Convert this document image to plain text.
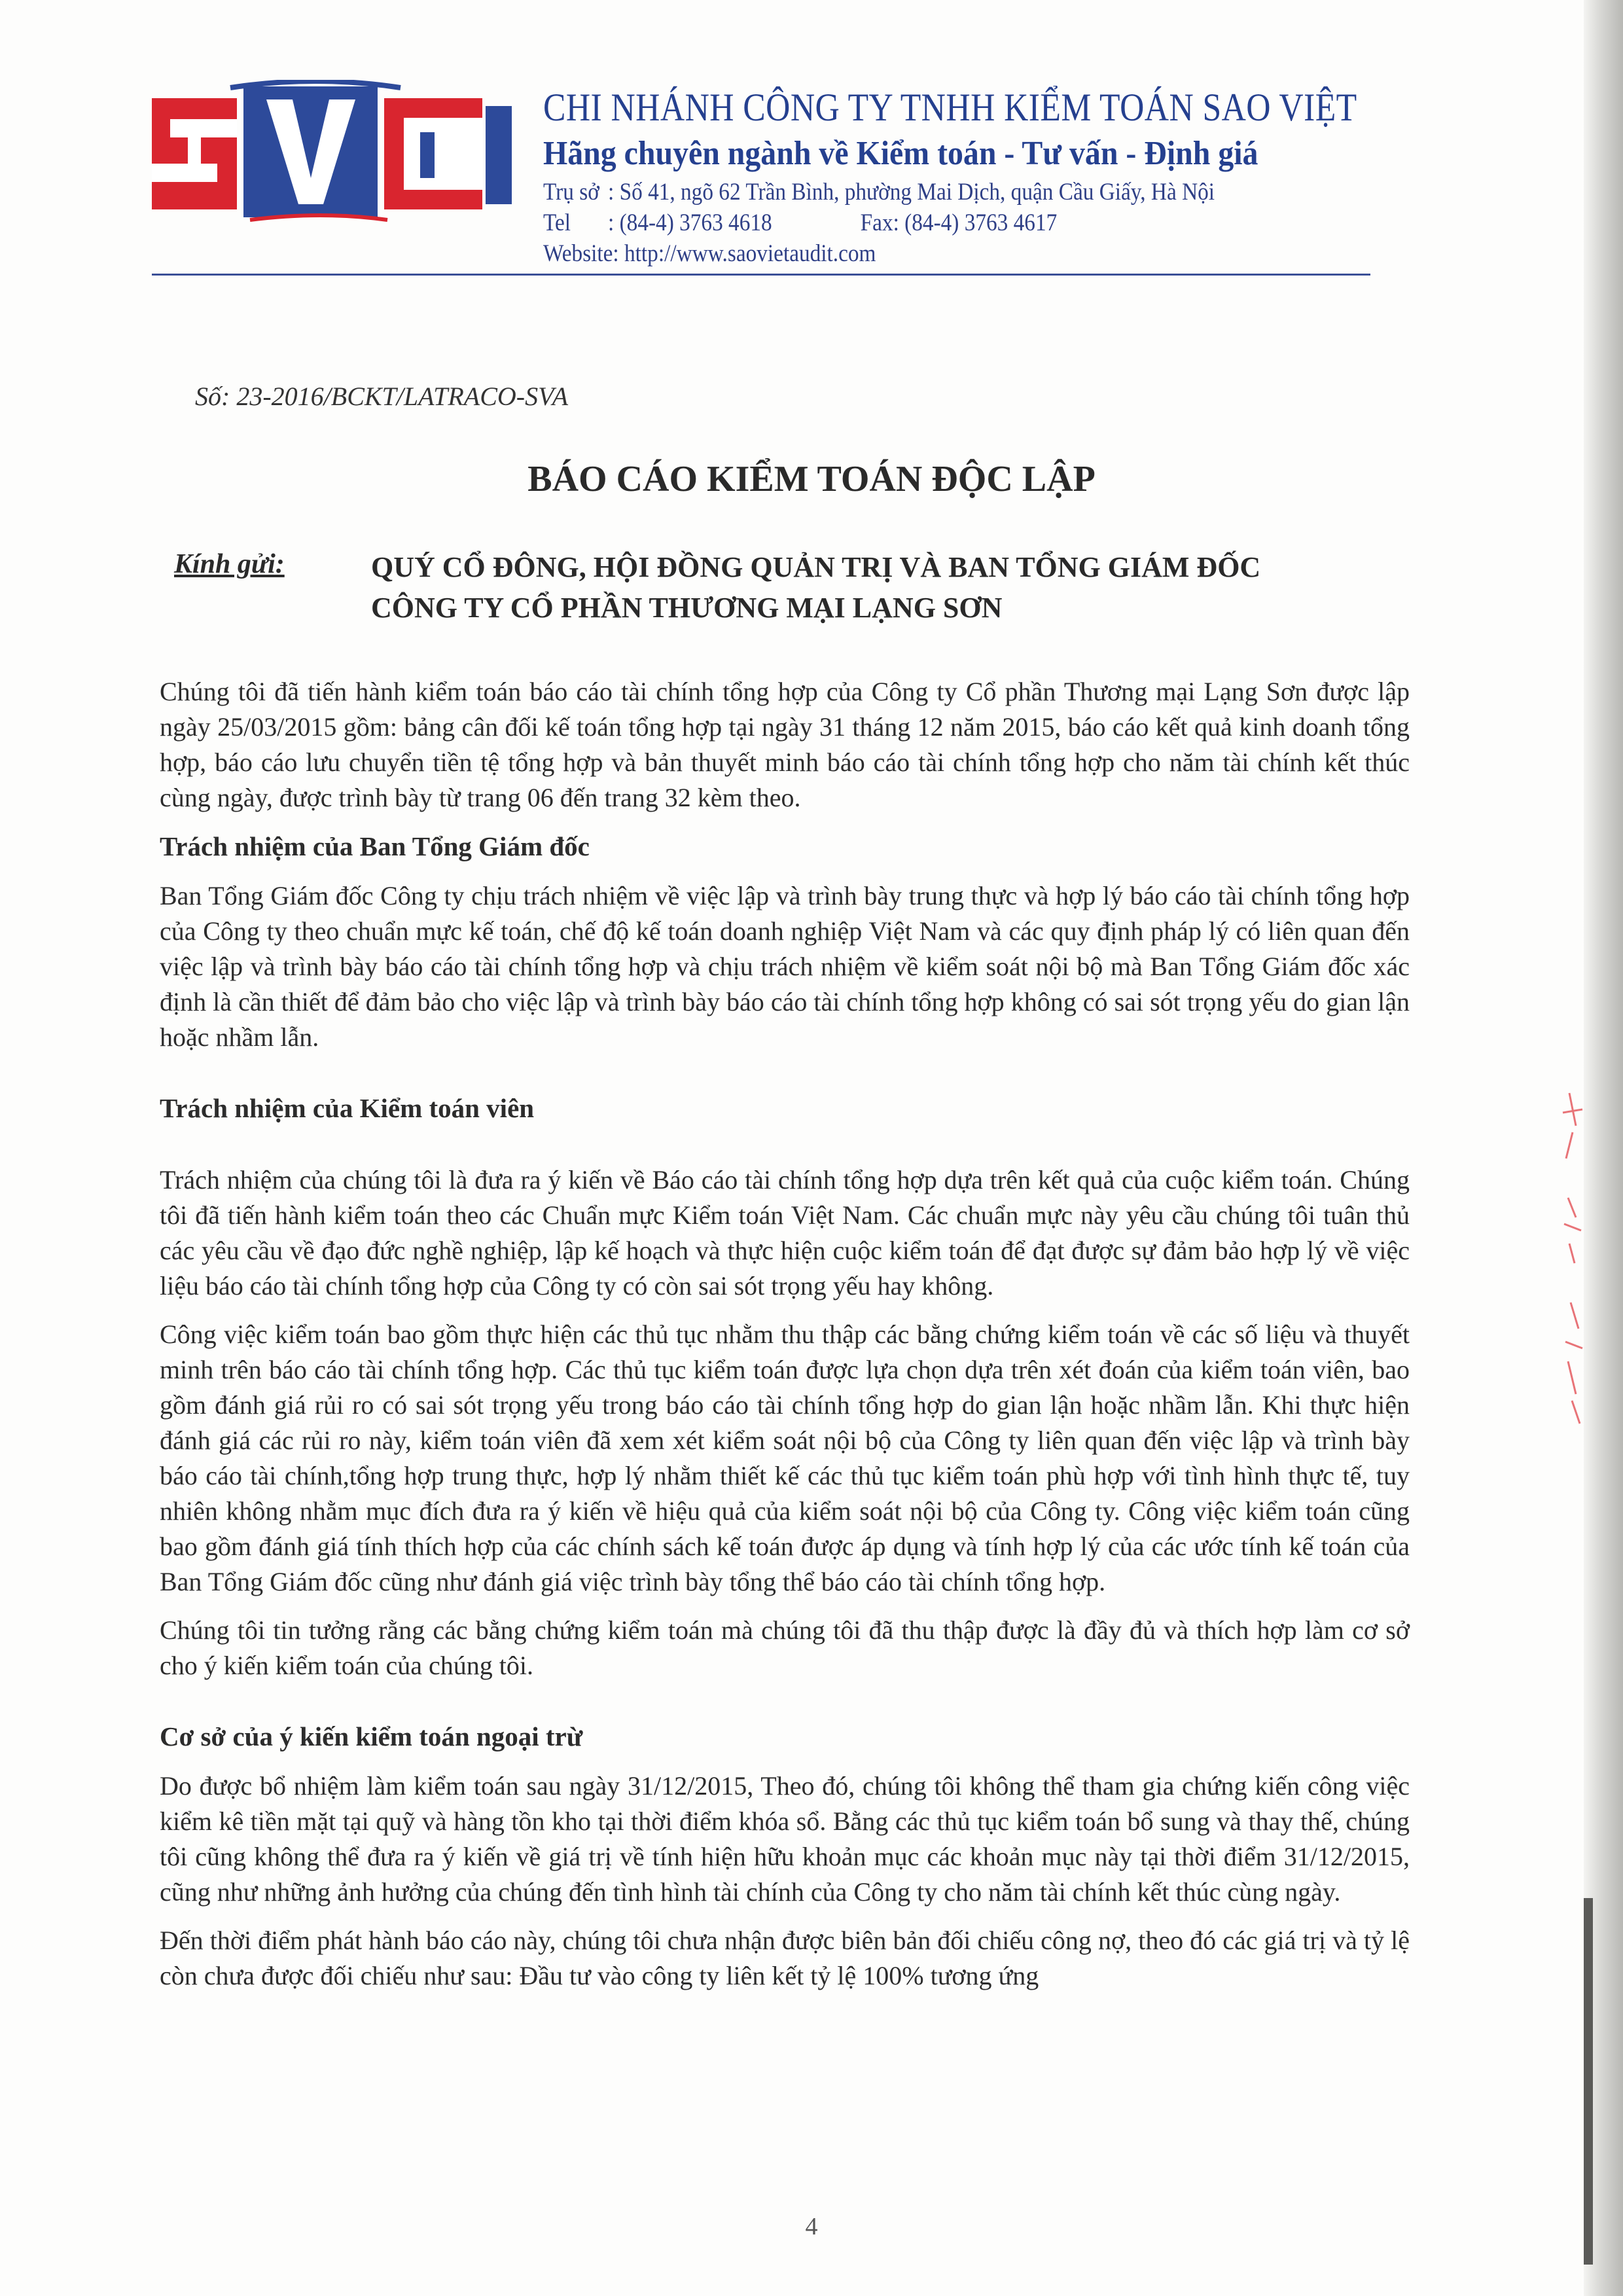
CHI NHÁNH CÔNG TY TNHH KIỂM TOÁN SAO VIỆT
Hãng chuyên ngành về Kiểm toán - Tư vấn - Định giá
Trụ sở : Số 41, ngõ 62 Trần Bình, phường Mai Dịch, quận Cầu Giấy, Hà Nội
Tel : (84-4) 3763 4618	Fax: (84-4) 3763 4617
Website: http://www.saovietaudit.com
Số: 23-2016/BCKT/LATRACO-SVA
BÁO CÁO KIỂM TOÁN ĐỘC LẬP
Kính gửi:	QUÝ CỔ ĐÔNG, HỘI ĐỒNG QUẢN TRỊ VÀ BAN TỔNG GIÁM ĐỐC
CÔNG TY CỔ PHẦN THƯƠNG MẠI LẠNG SƠN

Chúng tôi đã tiến hành kiểm toán báo cáo tài chính tổng hợp của Công ty Cổ phần Thương mại Lạng Sơn được lập ngày 25/03/2015 gồm: bảng cân đối kế toán tổng hợp tại ngày 31 tháng 12 năm 2015, báo cáo kết quả kinh doanh tổng hợp, báo cáo lưu chuyển tiền tệ tổng hợp và bản thuyết minh báo cáo tài chính tổng hợp cho năm tài chính kết thúc cùng ngày, được trình bày từ trang 06 đến trang 32 kèm theo.

Trách nhiệm của Ban Tổng Giám đốc

Ban Tổng Giám đốc Công ty chịu trách nhiệm về việc lập và trình bày trung thực và hợp lý báo cáo tài chính tổng hợp của Công ty theo chuẩn mực kế toán, chế độ kế toán doanh nghiệp Việt Nam và các quy định pháp lý có liên quan đến việc lập và trình bày báo cáo tài chính tổng hợp và chịu trách nhiệm về kiểm soát nội bộ mà Ban Tổng Giám đốc xác định là cần thiết để đảm bảo cho việc lập và trình bày báo cáo tài chính tổng hợp không có sai sót trọng yếu do gian lận hoặc nhầm lẫn.

Trách nhiệm của Kiểm toán viên

Trách nhiệm của chúng tôi là đưa ra ý kiến về Báo cáo tài chính tổng hợp dựa trên kết quả của cuộc kiểm toán. Chúng tôi đã tiến hành kiểm toán theo các Chuẩn mực Kiểm toán Việt Nam. Các chuẩn mực này yêu cầu chúng tôi tuân thủ các yêu cầu về đạo đức nghề nghiệp, lập kế hoạch và thực hiện cuộc kiểm toán để đạt được sự đảm bảo hợp lý về việc liệu báo cáo tài chính tổng hợp của Công ty có còn sai sót trọng yếu hay không.

Công việc kiểm toán bao gồm thực hiện các thủ tục nhằm thu thập các bằng chứng kiểm toán về các số liệu và thuyết minh trên báo cáo tài chính tổng hợp. Các thủ tục kiểm toán được lựa chọn dựa trên xét đoán của kiểm toán viên, bao gồm đánh giá rủi ro có sai sót trọng yếu trong báo cáo tài chính tổng hợp do gian lận hoặc nhầm lẫn. Khi thực hiện đánh giá các rủi ro này, kiểm toán viên đã xem xét kiểm soát nội bộ của Công ty liên quan đến việc lập và trình bày báo cáo tài chính,tổng hợp trung thực, hợp lý nhằm thiết kế các thủ tục kiểm toán phù hợp với tình hình thực tế, tuy nhiên không nhằm mục đích đưa ra ý kiến về hiệu quả của kiểm soát nội bộ của Công ty. Công việc kiểm toán cũng bao gồm đánh giá tính thích hợp của các chính sách kế toán được áp dụng và tính hợp lý của các ước tính kế toán của Ban Tổng Giám đốc cũng như đánh giá việc trình bày tổng thể báo cáo tài chính tổng hợp.

Chúng tôi tin tưởng rằng các bằng chứng kiểm toán mà chúng tôi đã thu thập được là đầy đủ và thích hợp làm cơ sở cho ý kiến kiểm toán của chúng tôi.

Cơ sở của ý kiến kiểm toán ngoại trừ

Do được bổ nhiệm làm kiểm toán sau ngày 31/12/2015, Theo đó, chúng tôi không thể tham gia chứng kiến công việc kiểm kê tiền mặt tại quỹ và hàng tồn kho tại thời điểm khóa sổ. Bằng các thủ tục kiểm toán bổ sung và thay thế, chúng tôi cũng không thể đưa ra ý kiến về giá trị về tính hiện hữu khoản mục các khoản mục này tại thời điểm 31/12/2015, cũng như những ảnh hưởng của chúng đến tình hình tài chính của Công ty cho năm tài chính kết thúc cùng ngày.

Đến thời điểm phát hành báo cáo này, chúng tôi chưa nhận được biên bản đối chiếu công nợ, theo đó các giá trị và tỷ lệ còn chưa được đối chiếu như sau: Đầu tư vào công ty liên kết tỷ lệ 100% tương ứng

4
